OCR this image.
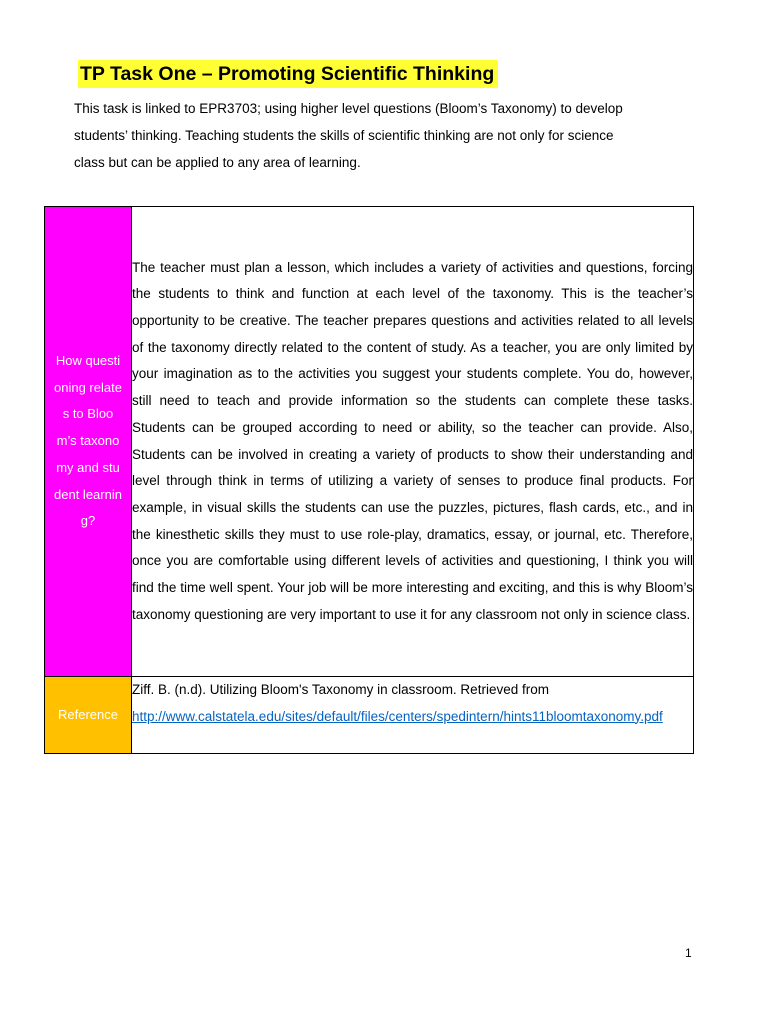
TP Task One – Promoting Scientific Thinking

This task is linked to EPR3703; using higher level questions (Bloom’s Taxonomy) to develop

students’ thinking. Teaching students the skills of scientific thinking are not only for science

class but can be applied to any area of learning.

How questioning relates to Bloom’s taxonomy and student learning?	The teacher must plan a lesson, which includes a variety of activities and questions, forcing the students to think and function at each level of the taxonomy. This is the teacher’s opportunity to be creative. The teacher prepares questions and activities related to all levels of the taxonomy directly related to the content of study. As a teacher, you are only limited by your imagination as to the activities you suggest your students complete. You do, however, still need to teach and provide information so the students can complete these tasks. Students can be grouped according to need or ability, so the teacher can provide. Also, Students can be involved in creating a variety of products to show their understanding and level through think in terms of utilizing a variety of senses to produce final products. For example, in visual skills the students can use the puzzles, pictures, flash cards, etc., and in the kinesthetic skills they must to use role-play, dramatics, essay, or journal, etc. Therefore, once you are comfortable using different levels of activities and questioning, I think you will find the time well spent. Your job will be more interesting and exciting, and this is why Bloom’s taxonomy questioning are very important to use it for any classroom not only in science class.
Reference	Ziff. B. (n.d). Utilizing Bloom's Taxonomy in classroom. Retrieved from
http://www.calstatela.edu/sites/default/files/centers/spedintern/hints11bloomtaxonomy.pdf
1
